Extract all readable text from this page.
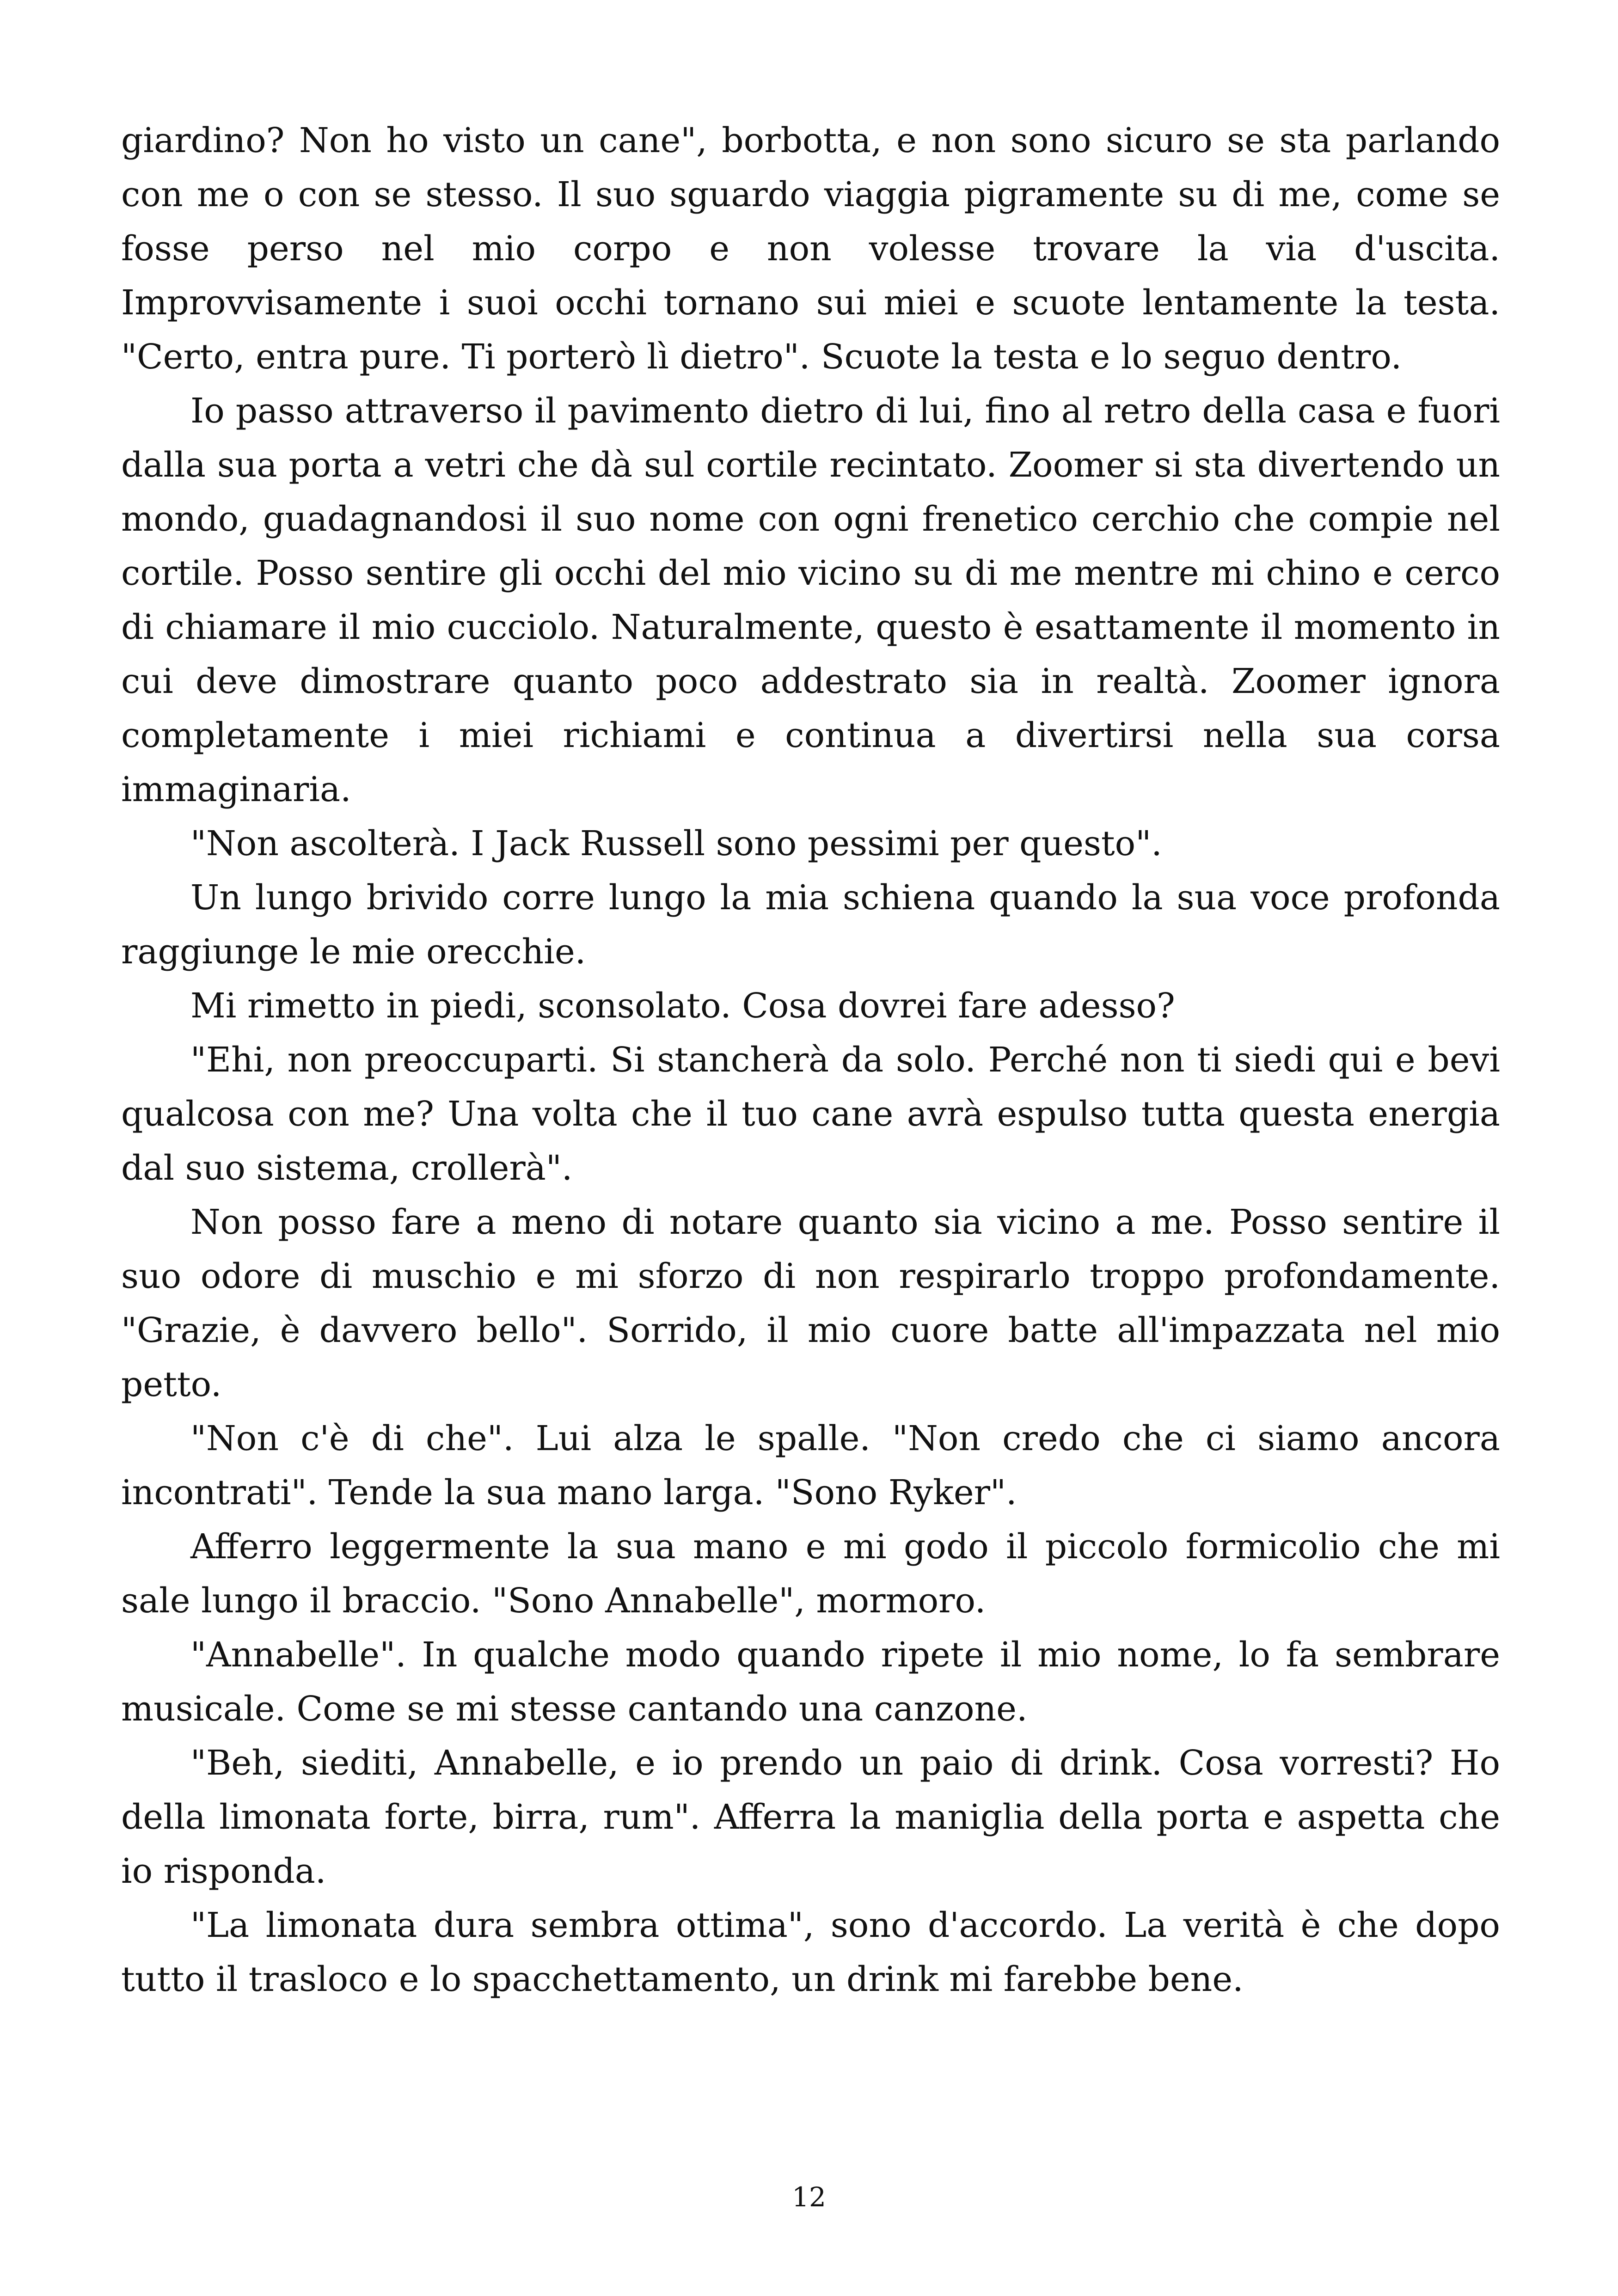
giardino? Non ho visto un cane", borbotta, e non sono sicuro se sta parlando con me o con se stesso. Il suo sguardo viaggia pigramente su di me, come se fosse perso nel mio corpo e non volesse trovare la via d'uscita. Improvvisamente i suoi occhi tornano sui miei e scuote lentamente la testa. "Certo, entra pure. Ti porterò lì dietro". Scuote la testa e lo seguo dentro.

Io passo attraverso il pavimento dietro di lui, fino al retro della casa e fuori dalla sua porta a vetri che dà sul cortile recintato. Zoomer si sta divertendo un mondo, guadagnandosi il suo nome con ogni frenetico cerchio che compie nel cortile. Posso sentire gli occhi del mio vicino su di me mentre mi chino e cerco di chiamare il mio cucciolo. Naturalmente, questo è esattamente il momento in cui deve dimostrare quanto poco addestrato sia in realtà. Zoomer ignora completamente i miei richiami e continua a divertirsi nella sua corsa immaginaria.

"Non ascolterà. I Jack Russell sono pessimi per questo".

Un lungo brivido corre lungo la mia schiena quando la sua voce profonda raggiunge le mie orecchie.

Mi rimetto in piedi, sconsolato. Cosa dovrei fare adesso?

"Ehi, non preoccuparti. Si stancherà da solo. Perché non ti siedi qui e bevi qualcosa con me? Una volta che il tuo cane avrà espulso tutta questa energia dal suo sistema, crollerà".

Non posso fare a meno di notare quanto sia vicino a me. Posso sentire il suo odore di muschio e mi sforzo di non respirarlo troppo profondamente. "Grazie, è davvero bello". Sorrido, il mio cuore batte all'impazzata nel mio petto.

"Non c'è di che". Lui alza le spalle. "Non credo che ci siamo ancora incontrati". Tende la sua mano larga. "Sono Ryker".

Afferro leggermente la sua mano e mi godo il piccolo formicolio che mi sale lungo il braccio. "Sono Annabelle", mormoro.

"Annabelle". In qualche modo quando ripete il mio nome, lo fa sembrare musicale. Come se mi stesse cantando una canzone.

"Beh, siediti, Annabelle, e io prendo un paio di drink. Cosa vorresti? Ho della limonata forte, birra, rum". Afferra la maniglia della porta e aspetta che io risponda.

"La limonata dura sembra ottima", sono d'accordo. La verità è che dopo tutto il trasloco e lo spacchettamento, un drink mi farebbe bene.

12
